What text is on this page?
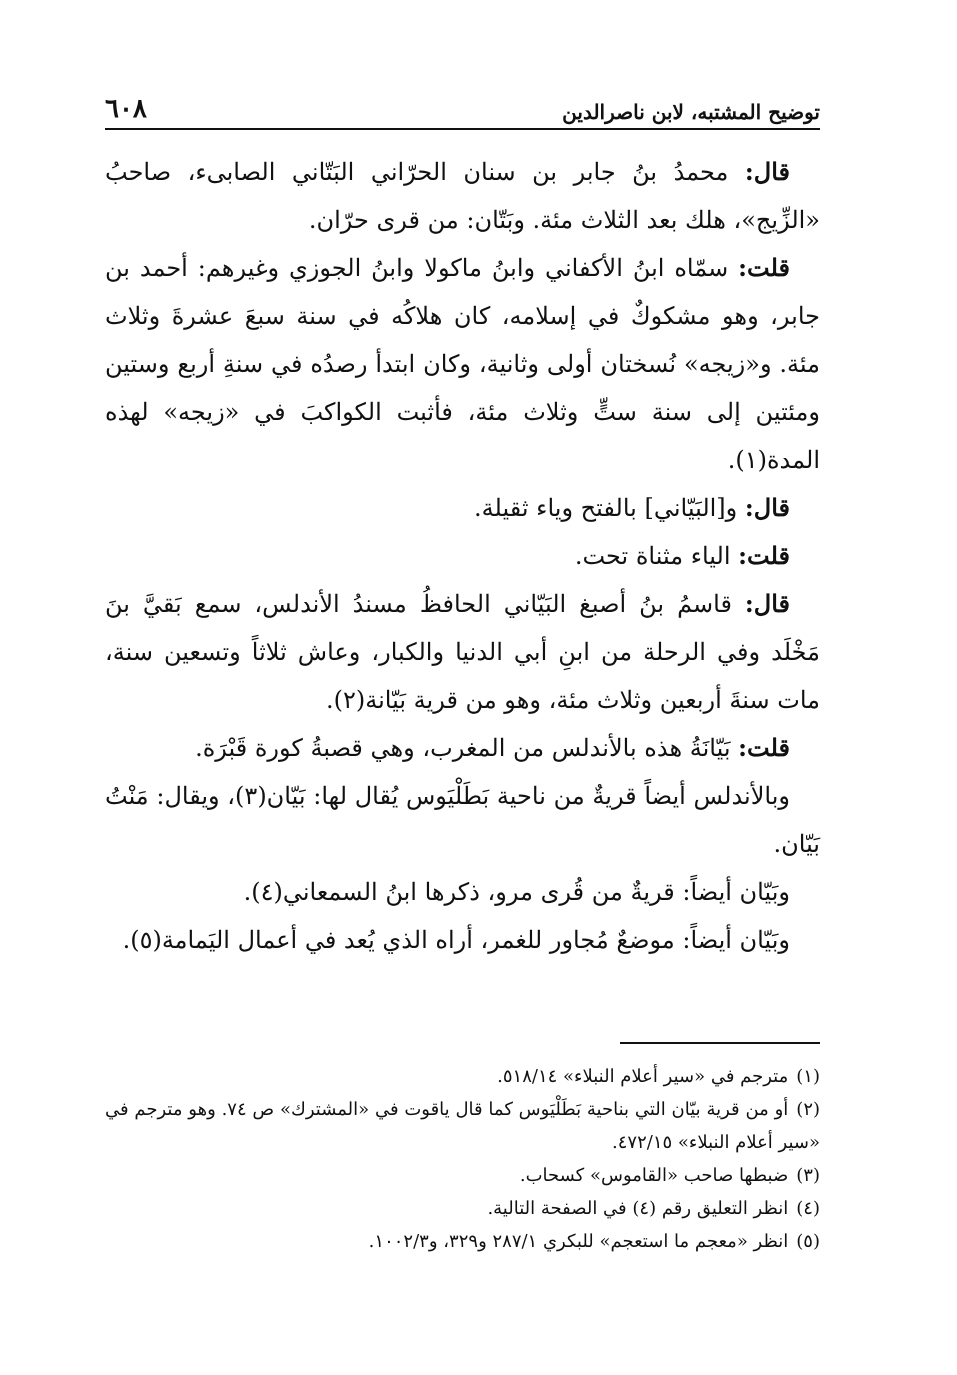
توضيح المشتبه، لابن ناصرالدين
٦٠٨

قال: محمدُ بنُ جابر بن سنان الحرّاني البَتّاني الصابىء، صاحبُ «الزِّيج»، هلك بعد الثلاث مئة. وبَتّان: من قرى حرّان.

قلت: سمّاه ابنُ الأكفاني وابنُ ماكولا وابنُ الجوزي وغيرهم: أحمد بن جابر، وهو مشكوكٌ في إسلامه، كان هلاكُه في سنة سبعَ عشرةَ وثلاث مئة. و«زيجه» نُسختان أولى وثانية، وكان ابتدأ رصدُه في سنةِ أربع وستين ومئتين إلى سنة ستٍّ وثلاث مئة، فأثبت الكواكبَ في «زيجه» لهذه المدة(١).

قال: و[البَيّاني] بالفتح وياء ثقيلة.

قلت: الياء مثناة تحت.

قال: قاسمُ بنُ أصبغ البَيّاني الحافظُ مسندُ الأندلس، سمع بَقيَّ بنَ مَخْلَد وفي الرحلة من ابنِ أبي الدنيا والكبار، وعاش ثلاثاً وتسعين سنة، مات سنةَ أربعين وثلاث مئة، وهو من قرية بَيّانة(٢).

قلت: بَيّانَةُ هذه بالأندلس من المغرب، وهي قصبةُ كورة قَبْرَة.

وبالأندلس أيضاً قريةٌ من ناحية بَطَلْيَوس يُقال لها: بَيّان(٣)، ويقال: مَنْتُ بَيّان.

وبَيّان أيضاً: قريةٌ من قُرى مرو، ذكرها ابنُ السمعاني(٤).

وبَيّان أيضاً: موضعٌ مُجاور للغمر، أراه الذي يُعد في أعمال اليَمامة(٥).

(١)مترجم في «سير أعلام النبلاء» ٥١٨/١٤.

(٢)أو من قرية بيّان التي بناحية بَطَلْيَوس كما قال ياقوت في «المشترك» ص ٧٤. وهو مترجم في «سير أعلام النبلاء» ٤٧٢/١٥.

(٣)ضبطها صاحب «القاموس» كسحاب.

(٤)انظر التعليق رقم (٤) في الصفحة التالية.

(٥)انظر «معجم ما استعجم» للبكري ٢٨٧/١ و٣٢٩، و١٠٠٢/٣.
